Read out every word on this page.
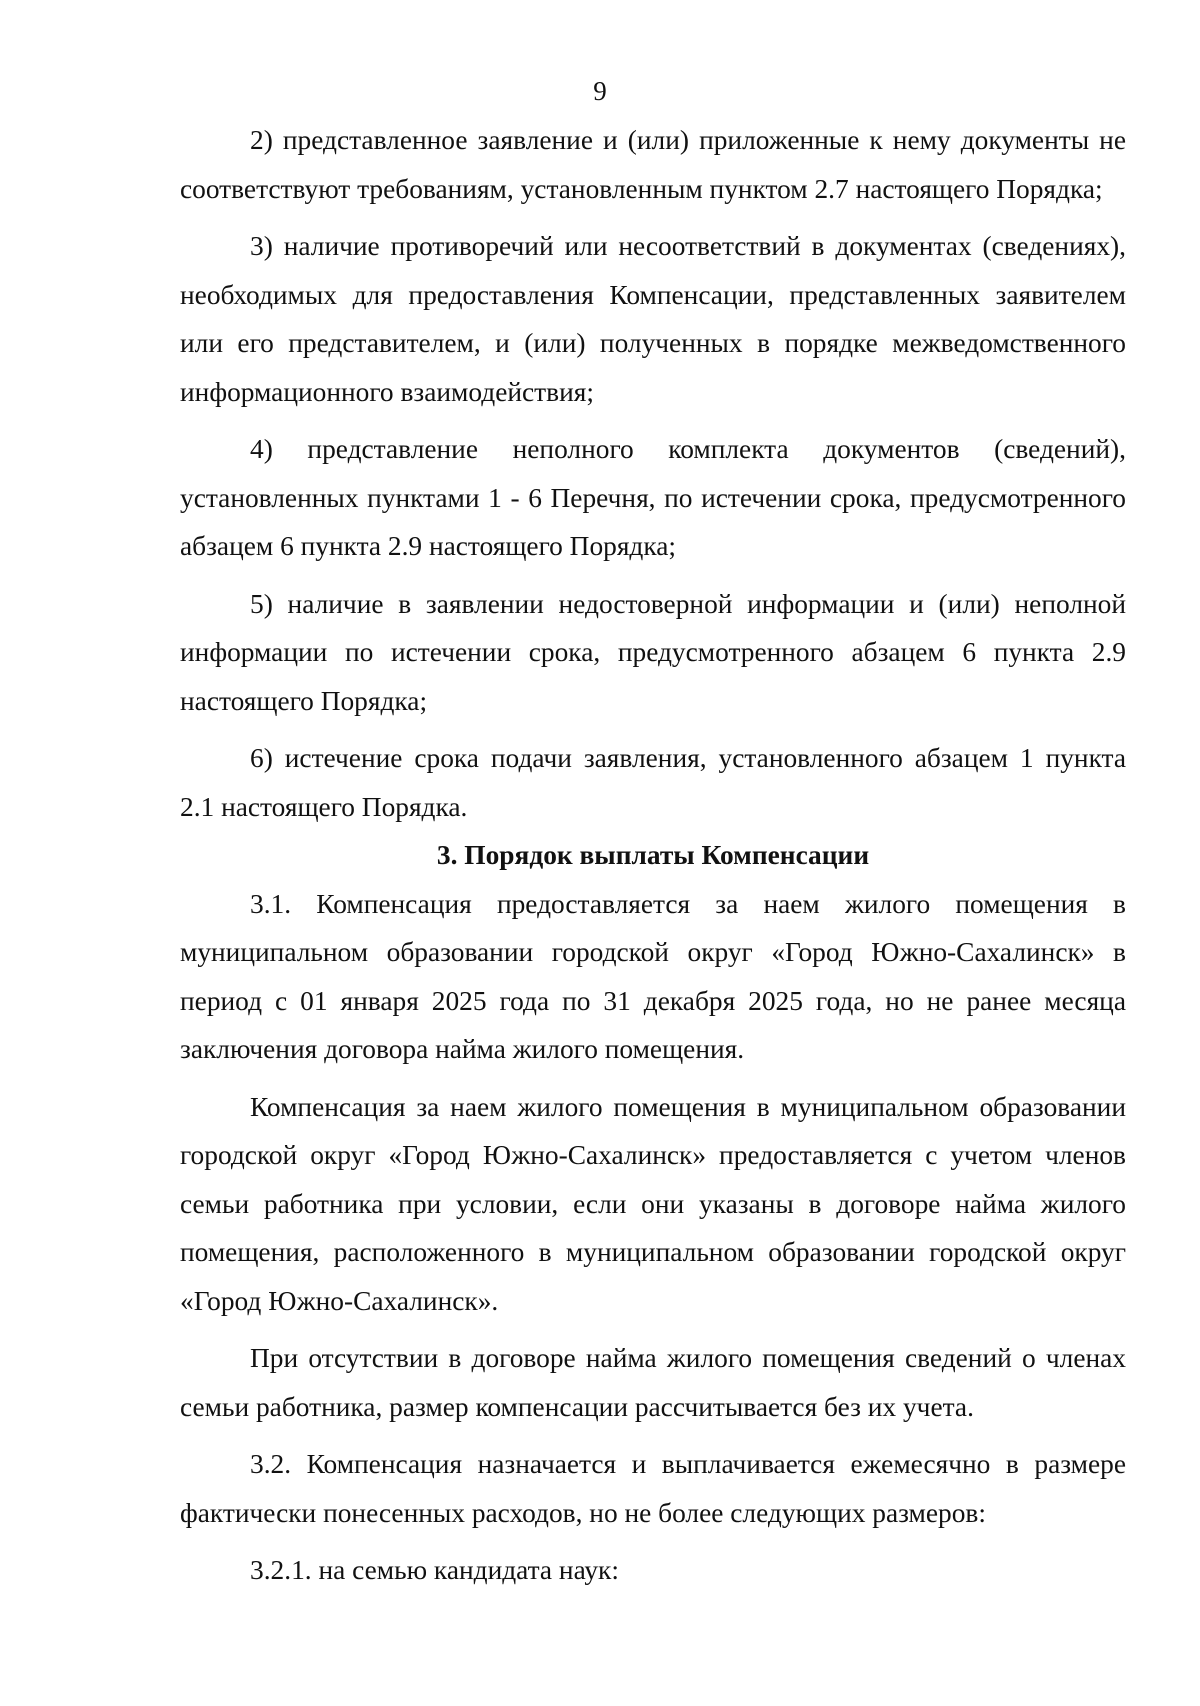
9

2) представленное заявление и (или) приложенные к нему документы не соответствуют требованиям, установленным пунктом 2.7 настоящего Порядка;

3) наличие противоречий или несоответствий в документах (сведениях), необходимых для предоставления Компенсации, представленных заявителем или его представителем, и (или) полученных в порядке межведомственного информационного взаимодействия;

4) представление неполного комплекта документов (сведений), установленных пунктами 1 - 6 Перечня, по истечении срока, предусмотренного абзацем 6 пункта 2.9 настоящего Порядка;

5) наличие в заявлении недостоверной информации и (или) неполной информации по истечении срока, предусмотренного абзацем 6 пункта 2.9 настоящего Порядка;

6) истечение срока подачи заявления, установленного абзацем 1 пункта 2.1 настоящего Порядка.

3. Порядок выплаты Компенсации

3.1. Компенсация предоставляется за наем жилого помещения в муниципальном образовании городской округ «Город Южно-Сахалинск» в период с 01 января 2025 года по 31 декабря 2025 года, но не ранее месяца заключения договора найма жилого помещения.

Компенсация за наем жилого помещения в муниципальном образовании городской округ «Город Южно-Сахалинск» предоставляется с учетом членов семьи работника при условии, если они указаны в договоре найма жилого помещения, расположенного в муниципальном образовании городской округ «Город Южно-Сахалинск».

При отсутствии в договоре найма жилого помещения сведений о членах семьи работника, размер компенсации рассчитывается без их учета.

3.2. Компенсация назначается и выплачивается ежемесячно в размере фактически понесенных расходов, но не более следующих размеров:

3.2.1. на семью кандидата наук:
